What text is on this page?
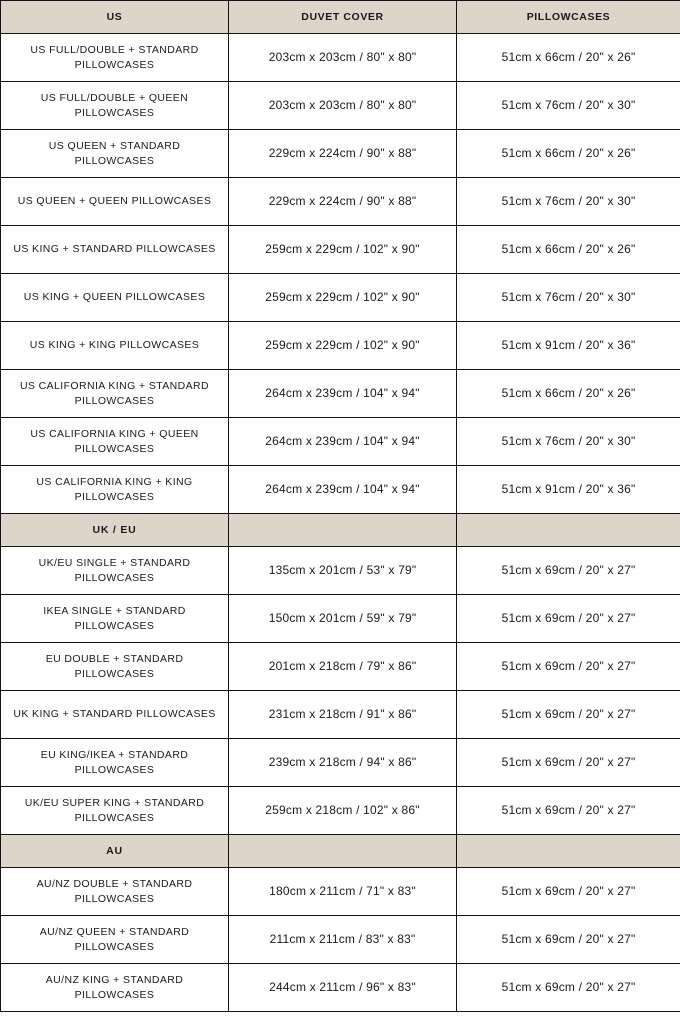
US	DUVET COVER	PILLOWCASES
US FULL/DOUBLE + STANDARD PILLOWCASES	203cm x 203cm / 80" x 80"	51cm x 66cm / 20" x 26"
US FULL/DOUBLE + QUEEN PILLOWCASES	203cm x 203cm / 80" x 80"	51cm x 76cm / 20" x 30"
US QUEEN + STANDARD PILLOWCASES	229cm x 224cm / 90" x 88"	51cm x 66cm / 20" x 26"
US QUEEN + QUEEN PILLOWCASES	229cm x 224cm / 90" x 88"	51cm x 76cm / 20" x 30"
US KING + STANDARD PILLOWCASES	259cm x 229cm / 102" x 90"	51cm x 66cm / 20" x 26"
US KING + QUEEN PILLOWCASES	259cm x 229cm / 102" x 90"	51cm x 76cm / 20" x 30"
US KING + KING PILLOWCASES	259cm x 229cm / 102" x 90"	51cm x 91cm / 20" x 36"
US CALIFORNIA KING + STANDARD PILLOWCASES	264cm x 239cm / 104" x 94"	51cm x 66cm / 20" x 26"
US CALIFORNIA KING + QUEEN PILLOWCASES	264cm x 239cm / 104" x 94"	51cm x 76cm / 20" x 30"
US CALIFORNIA KING + KING PILLOWCASES	264cm x 239cm / 104" x 94"	51cm x 91cm / 20" x 36"
UK / EU		
UK/EU SINGLE + STANDARD PILLOWCASES	135cm x 201cm / 53" x 79"	51cm x 69cm / 20" x 27"
IKEA SINGLE + STANDARD PILLOWCASES	150cm x 201cm / 59" x 79"	51cm x 69cm / 20" x 27"
EU DOUBLE + STANDARD PILLOWCASES	201cm x 218cm / 79" x 86"	51cm x 69cm / 20" x 27"
UK KING + STANDARD PILLOWCASES	231cm x 218cm / 91" x 86"	51cm x 69cm / 20" x 27"
EU KING/IKEA + STANDARD PILLOWCASES	239cm x 218cm / 94" x 86"	51cm x 69cm / 20" x 27"
UK/EU SUPER KING + STANDARD PILLOWCASES	259cm x 218cm / 102" x 86"	51cm x 69cm / 20" x 27"
AU		
AU/NZ DOUBLE + STANDARD PILLOWCASES	180cm x 211cm / 71" x 83"	51cm x 69cm / 20" x 27"
AU/NZ QUEEN + STANDARD PILLOWCASES	211cm x 211cm / 83" x 83"	51cm x 69cm / 20" x 27"
AU/NZ KING + STANDARD PILLOWCASES	244cm x 211cm / 96" x 83"	51cm x 69cm / 20" x 27"
